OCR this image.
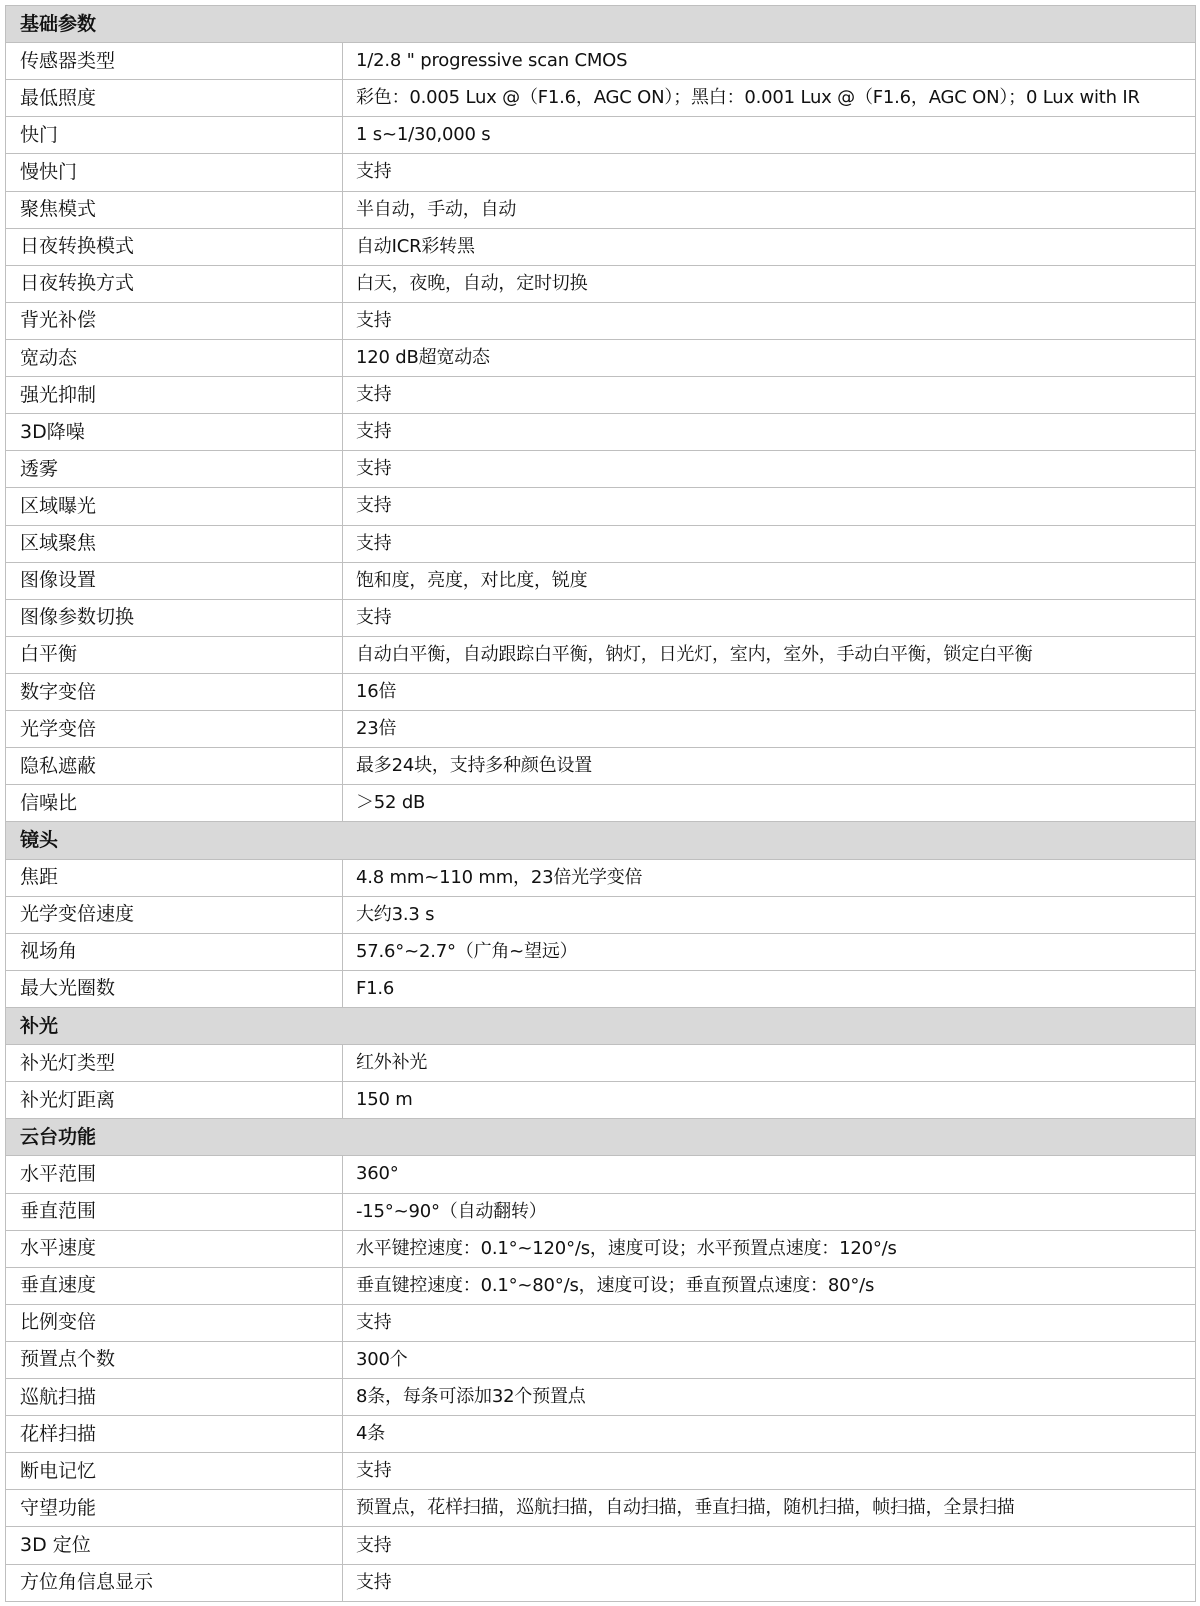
基础参数	
传感器类型	1/2.8 " progressive scan CMOS
最低照度	彩色：0.005 Lux @（F1.6，AGC ON）；黑白：0.001 Lux @（F1.6，AGC ON）；0 Lux with IR
快门	1 s~1/30,000 s
慢快门	支持
聚焦模式	半自动，手动，自动
日夜转换模式	自动ICR彩转黑
日夜转换方式	白天，夜晚，自动，定时切换
背光补偿	支持
宽动态	120 dB超宽动态
强光抑制	支持
3D降噪	支持
透雾	支持
区域曝光	支持
区域聚焦	支持
图像设置	饱和度，亮度，对比度，锐度
图像参数切换	支持
白平衡	自动白平衡，自动跟踪白平衡，钠灯，日光灯，室内，室外，手动白平衡，锁定白平衡
数字变倍	16倍
光学变倍	23倍
隐私遮蔽	最多24块，支持多种颜色设置
信噪比	＞52 dB
镜头	
焦距	4.8 mm~110 mm，23倍光学变倍
光学变倍速度	大约3.3 s
视场角	57.6°~2.7°（广角~望远）
最大光圈数	F1.6
补光	
补光灯类型	红外补光
补光灯距离	150 m
云台功能	
水平范围	360°
垂直范围	-15°~90°（自动翻转）
水平速度	水平键控速度：0.1°~120°/s，速度可设；水平预置点速度：120°/s
垂直速度	垂直键控速度：0.1°~80°/s，速度可设；垂直预置点速度：80°/s
比例变倍	支持
预置点个数	300个
巡航扫描	8条，每条可添加32个预置点
花样扫描	4条
断电记忆	支持
守望功能	预置点，花样扫描，巡航扫描，自动扫描，垂直扫描，随机扫描，帧扫描，全景扫描
3D 定位	支持
方位角信息显示	支持
